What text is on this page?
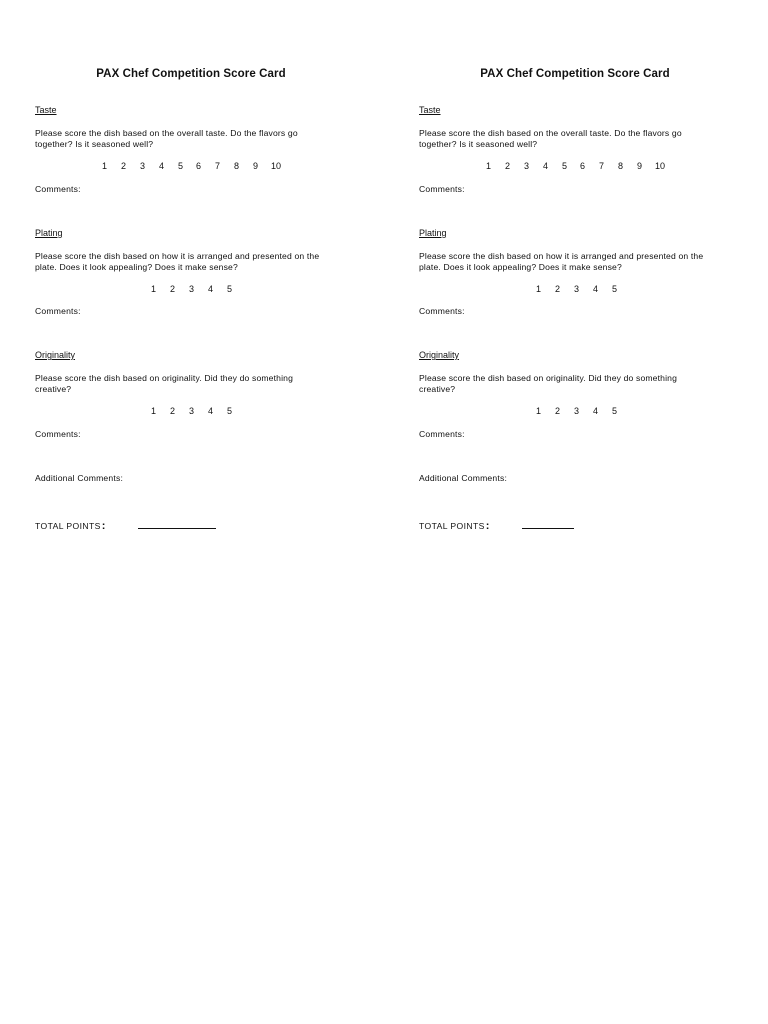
PAX Chef Competition Score Card
Taste
Please score the dish based on the overall taste. Do the flavors go
together? Is it seasoned well?
1	2	3	4	5	6	7	8	9	10
Comments:
Plating
Please score the dish based on how it is arranged and presented on the
plate. Does it look appealing? Does it make sense?
1	2	3	4	5
Comments:
Originality
Please score the dish based on originality. Did they do something
creative?
1	2	3	4	5
Comments:
Additional Comments:
TOTAL POINTS :
PAX Chef Competition Score Card
Taste
Please score the dish based on the overall taste. Do the flavors go
together? Is it seasoned well?
1	2	3	4	5	6	7	8	9	10
Comments:
Plating
Please score the dish based on how it is arranged and presented on the
plate. Does it look appealing? Does it make sense?
1	2	3	4	5
Comments:
Originality
Please score the dish based on originality. Did they do something
creative?
1	2	3	4	5
Comments:
Additional Comments:
TOTAL POINTS :
